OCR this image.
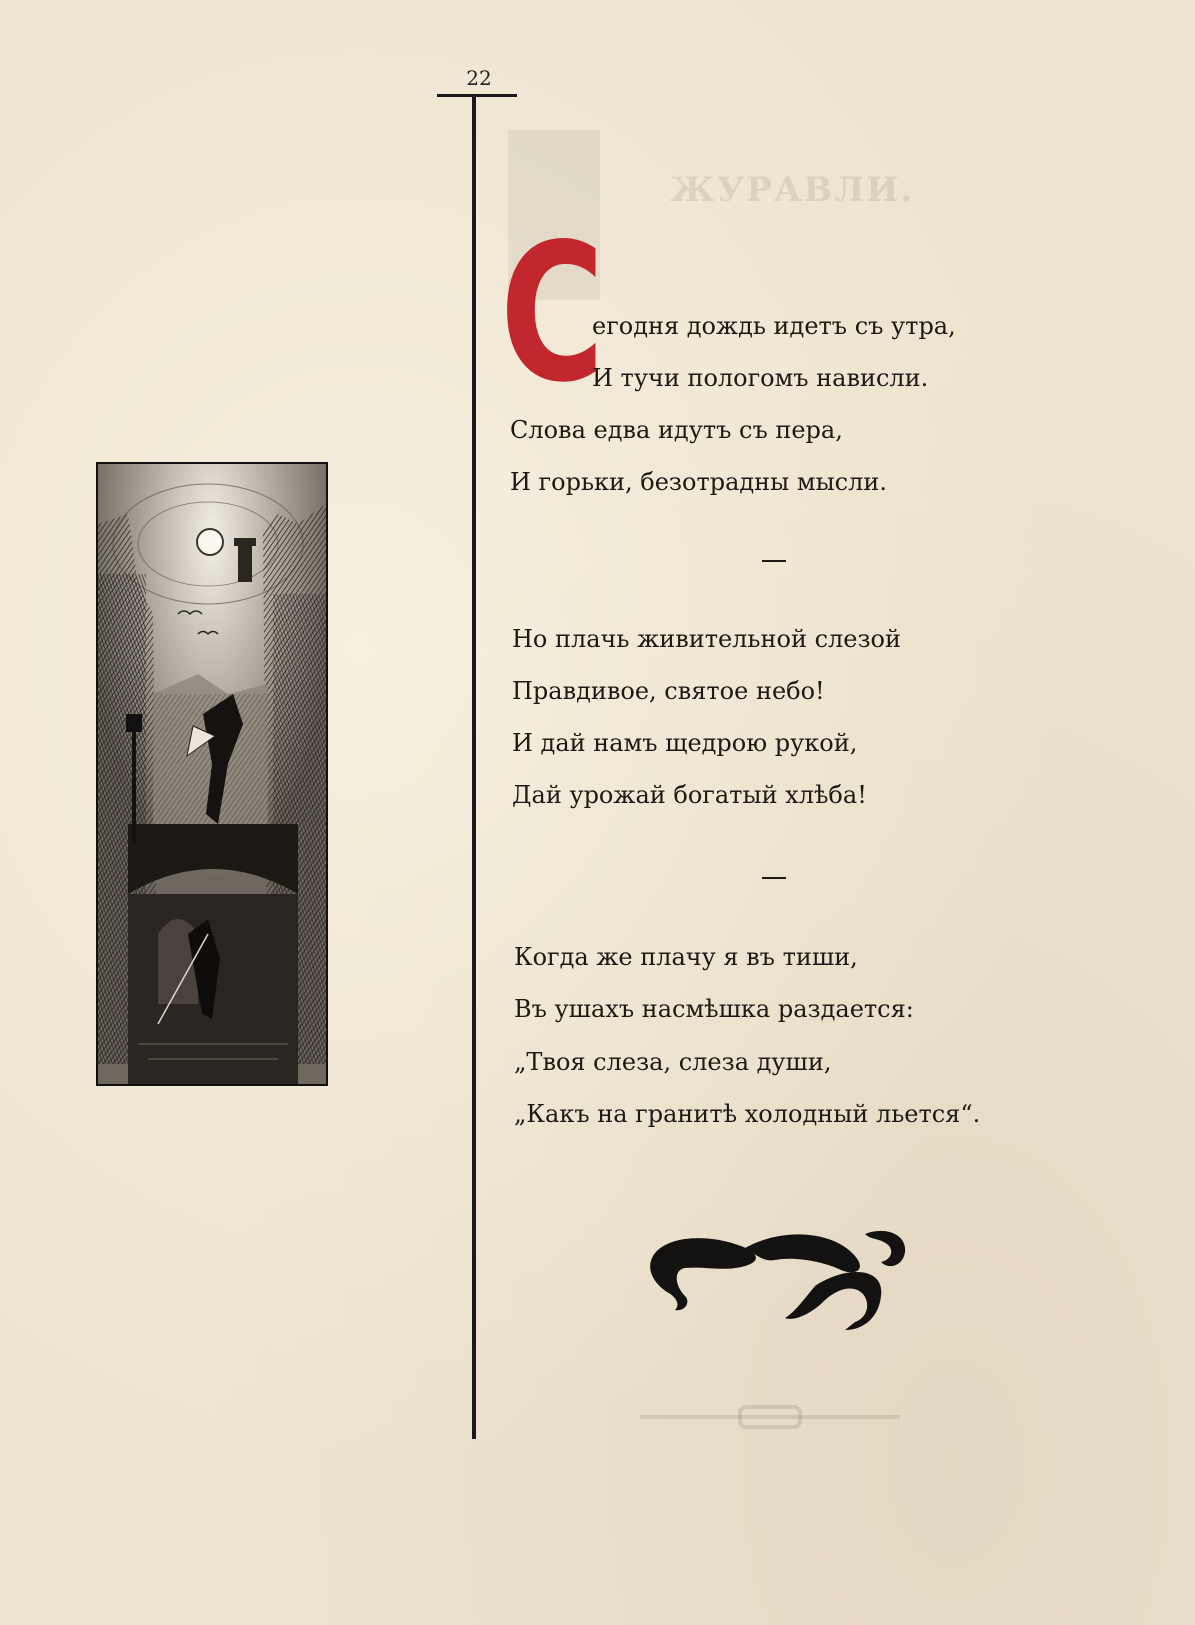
ЖУРАВЛИ.
22
С
егодня дождь идетъ съ утра,
И тучи пологомъ нависли.
Слова едва идутъ съ пера,
И горьки, безотрадны мысли.
Но плачь живительной слезой
Правдивое, святое небо!
И дай намъ щедрою рукой,
Дай урожай богатый хлѣба!
Когда же плачу я въ тиши,
Въ ушахъ насмѣшка раздается:
„Твоя слеза, слеза души,
„Какъ на гранитѣ холодный льется“.
